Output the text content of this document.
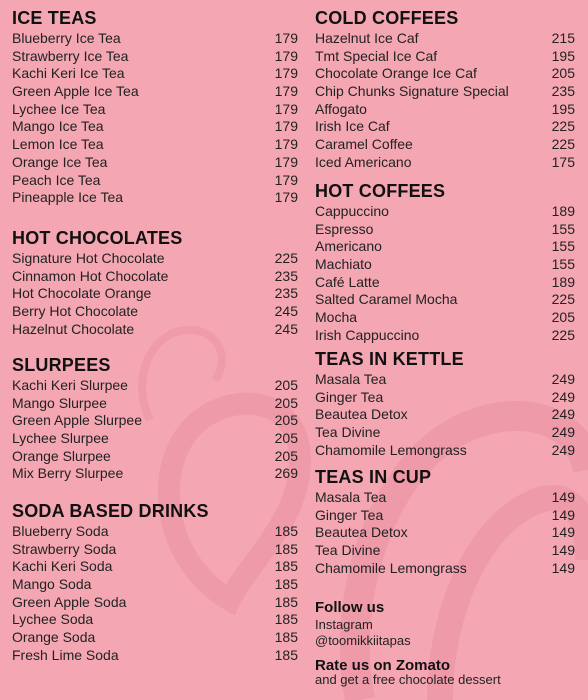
ICE TEAS
Blueberry Ice Tea	179
Strawberry Ice Tea	179
Kachi Keri Ice Tea	179
Green Apple Ice Tea	179
Lychee Ice Tea	179
Mango Ice Tea	179
Lemon Ice Tea	179
Orange Ice Tea	179
Peach Ice Tea	179
Pineapple Ice Tea	179
HOT CHOCOLATES
Signature Hot Chocolate	225
Cinnamon Hot Chocolate	235
Hot Chocolate Orange	235
Berry Hot Chocolate	245
Hazelnut Chocolate	245
SLURPEES
Kachi Keri Slurpee	205
Mango Slurpee	205
Green Apple Slurpee	205
Lychee Slurpee	205
Orange Slurpee	205
Mix Berry Slurpee	269
SODA BASED DRINKS
Blueberry Soda	185
Strawberry Soda	185
Kachi Keri Soda	185
Mango Soda	185
Green Apple Soda	185
Lychee Soda	185
Orange Soda	185
Fresh Lime Soda	185
COLD COFFEES
Hazelnut Ice Caf	215
Tmt Special Ice Caf	195
Chocolate Orange Ice Caf	205
Chip Chunks Signature Special	235
Affogato	195
Irish Ice Caf	225
Caramel Coffee	225
Iced Americano	175
HOT COFFEES
Cappuccino	189
Espresso	155
Americano	155
Machiato	155
Café Latte	189
Salted Caramel Mocha	225
Mocha	205
Irish Cappuccino	225
TEAS IN KETTLE
Masala Tea	249
Ginger Tea	249
Beautea Detox	249
Tea Divine	249
Chamomile Lemongrass	249
TEAS IN CUP
Masala Tea	149
Ginger Tea	149
Beautea Detox	149
Tea Divine	149
Chamomile Lemongrass	149
Follow us
Instagram
@toomikkiitapas
Rate us on Zomato
and get a free chocolate dessert
